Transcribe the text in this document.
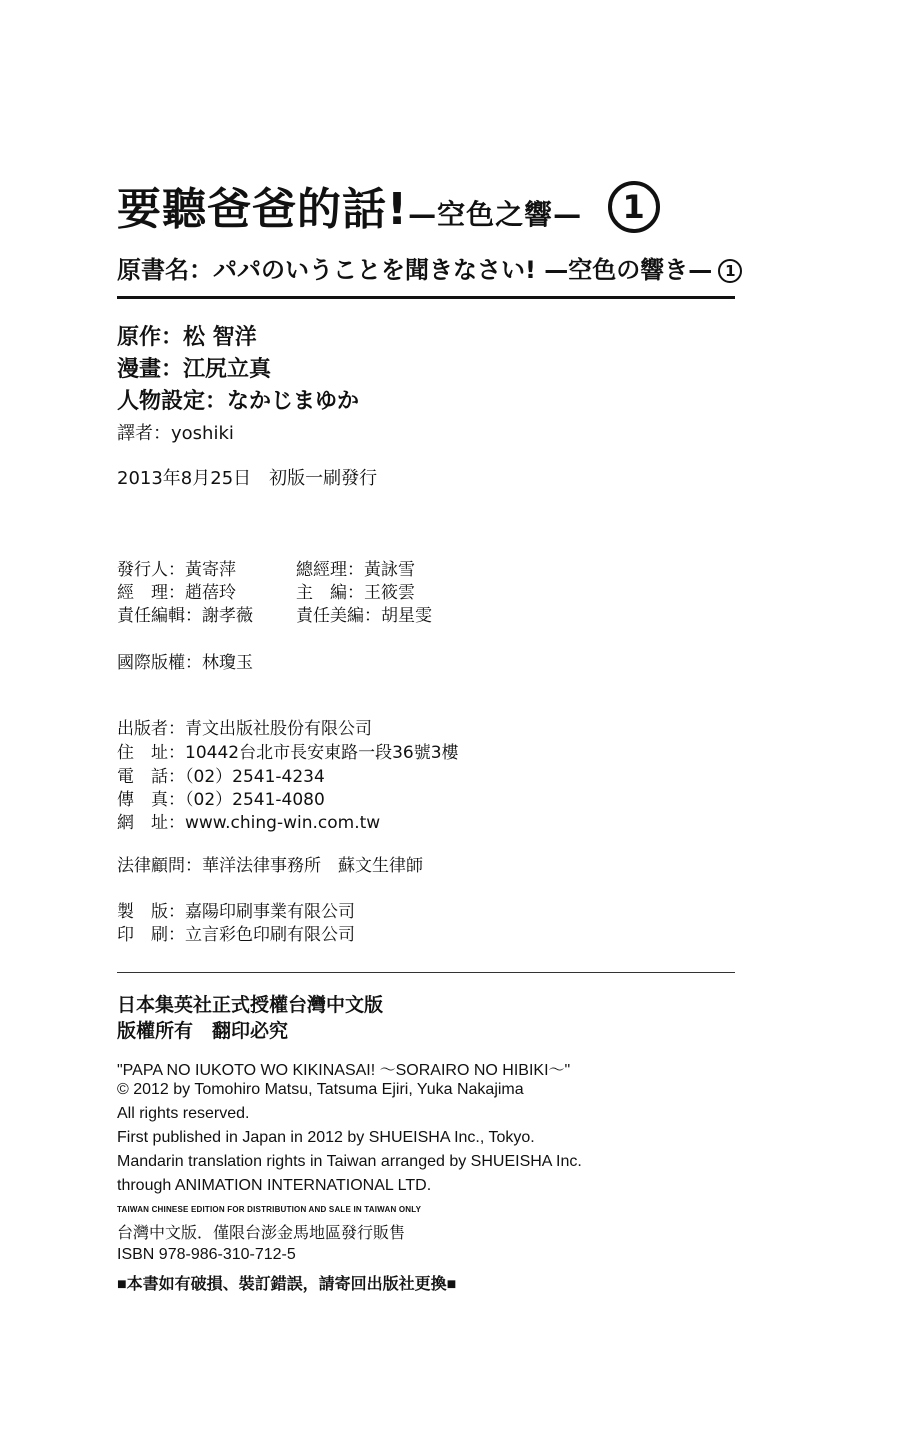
要聽爸爸的話!—空色之響— 1
原書名：パパのいうことを聞きなさい! —空色の響き— 1
原作：松 智洋
漫畫：江尻立真
人物設定：なかじまゆか
譯者：yoshiki
2013年8月25日　初版一刷發行
發行人：黃寄萍	總經理：黃詠雪
經　理：趙蓓玲	主　編：王筱雲
責任編輯：謝孝薇	責任美編：胡星雯
國際版權：林瓊玉
出版者：青文出版社股份有限公司
住　址：10442台北市長安東路一段36號3樓
電　話：（02）2541-4234
傳　真：（02）2541-4080
網　址：www.ching-win.com.tw
法律顧問：華洋法律事務所　蘇文生律師
製　版：嘉陽印刷事業有限公司
印　刷：立言彩色印刷有限公司
日本集英社正式授權台灣中文版
版權所有　翻印必究
"PAPA NO IUKOTO WO KIKINASAI! ～SORAIRO NO HIBIKI～"
© 2012 by Tomohiro Matsu, Tatsuma Ejiri, Yuka Nakajima
All rights reserved.
First published in Japan in 2012 by SHUEISHA Inc., Tokyo.
Mandarin translation rights in Taiwan arranged by SHUEISHA Inc.
through ANIMATION INTERNATIONAL LTD.
TAIWAN CHINESE EDITION FOR DISTRIBUTION AND SALE IN TAIWAN ONLY
台灣中文版．僅限台澎金馬地區發行販售
ISBN 978-986-310-712-5
■本書如有破損、裝訂錯誤，請寄回出版社更換■
